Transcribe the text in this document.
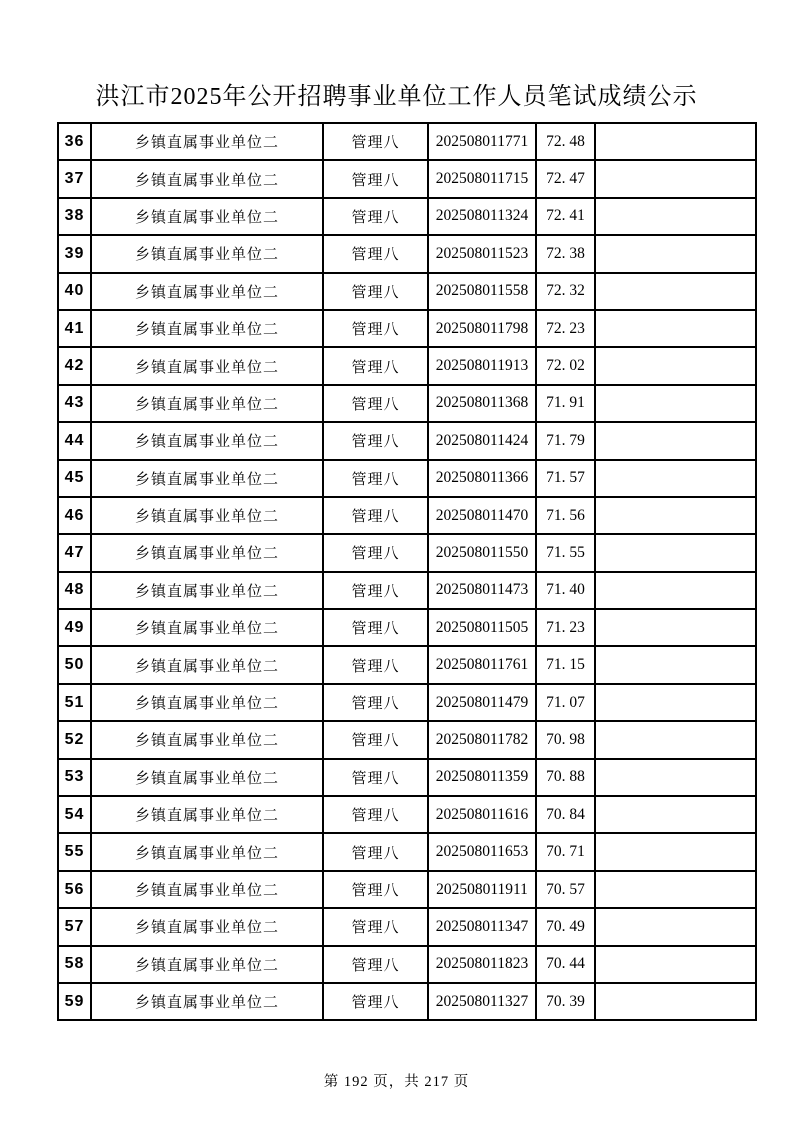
洪江市2025年公开招聘事业单位工作人员笔试成绩公示
36	乡镇直属事业单位二	管理八	202508011771	72. 48	
37	乡镇直属事业单位二	管理八	202508011715	72. 47	
38	乡镇直属事业单位二	管理八	202508011324	72. 41	
39	乡镇直属事业单位二	管理八	202508011523	72. 38	
40	乡镇直属事业单位二	管理八	202508011558	72. 32	
41	乡镇直属事业单位二	管理八	202508011798	72. 23	
42	乡镇直属事业单位二	管理八	202508011913	72. 02	
43	乡镇直属事业单位二	管理八	202508011368	71. 91	
44	乡镇直属事业单位二	管理八	202508011424	71. 79	
45	乡镇直属事业单位二	管理八	202508011366	71. 57	
46	乡镇直属事业单位二	管理八	202508011470	71. 56	
47	乡镇直属事业单位二	管理八	202508011550	71. 55	
48	乡镇直属事业单位二	管理八	202508011473	71. 40	
49	乡镇直属事业单位二	管理八	202508011505	71. 23	
50	乡镇直属事业单位二	管理八	202508011761	71. 15	
51	乡镇直属事业单位二	管理八	202508011479	71. 07	
52	乡镇直属事业单位二	管理八	202508011782	70. 98	
53	乡镇直属事业单位二	管理八	202508011359	70. 88	
54	乡镇直属事业单位二	管理八	202508011616	70. 84	
55	乡镇直属事业单位二	管理八	202508011653	70. 71	
56	乡镇直属事业单位二	管理八	202508011911	70. 57	
57	乡镇直属事业单位二	管理八	202508011347	70. 49	
58	乡镇直属事业单位二	管理八	202508011823	70. 44	
59	乡镇直属事业单位二	管理八	202508011327	70. 39	
第 192 页，共 217 页
